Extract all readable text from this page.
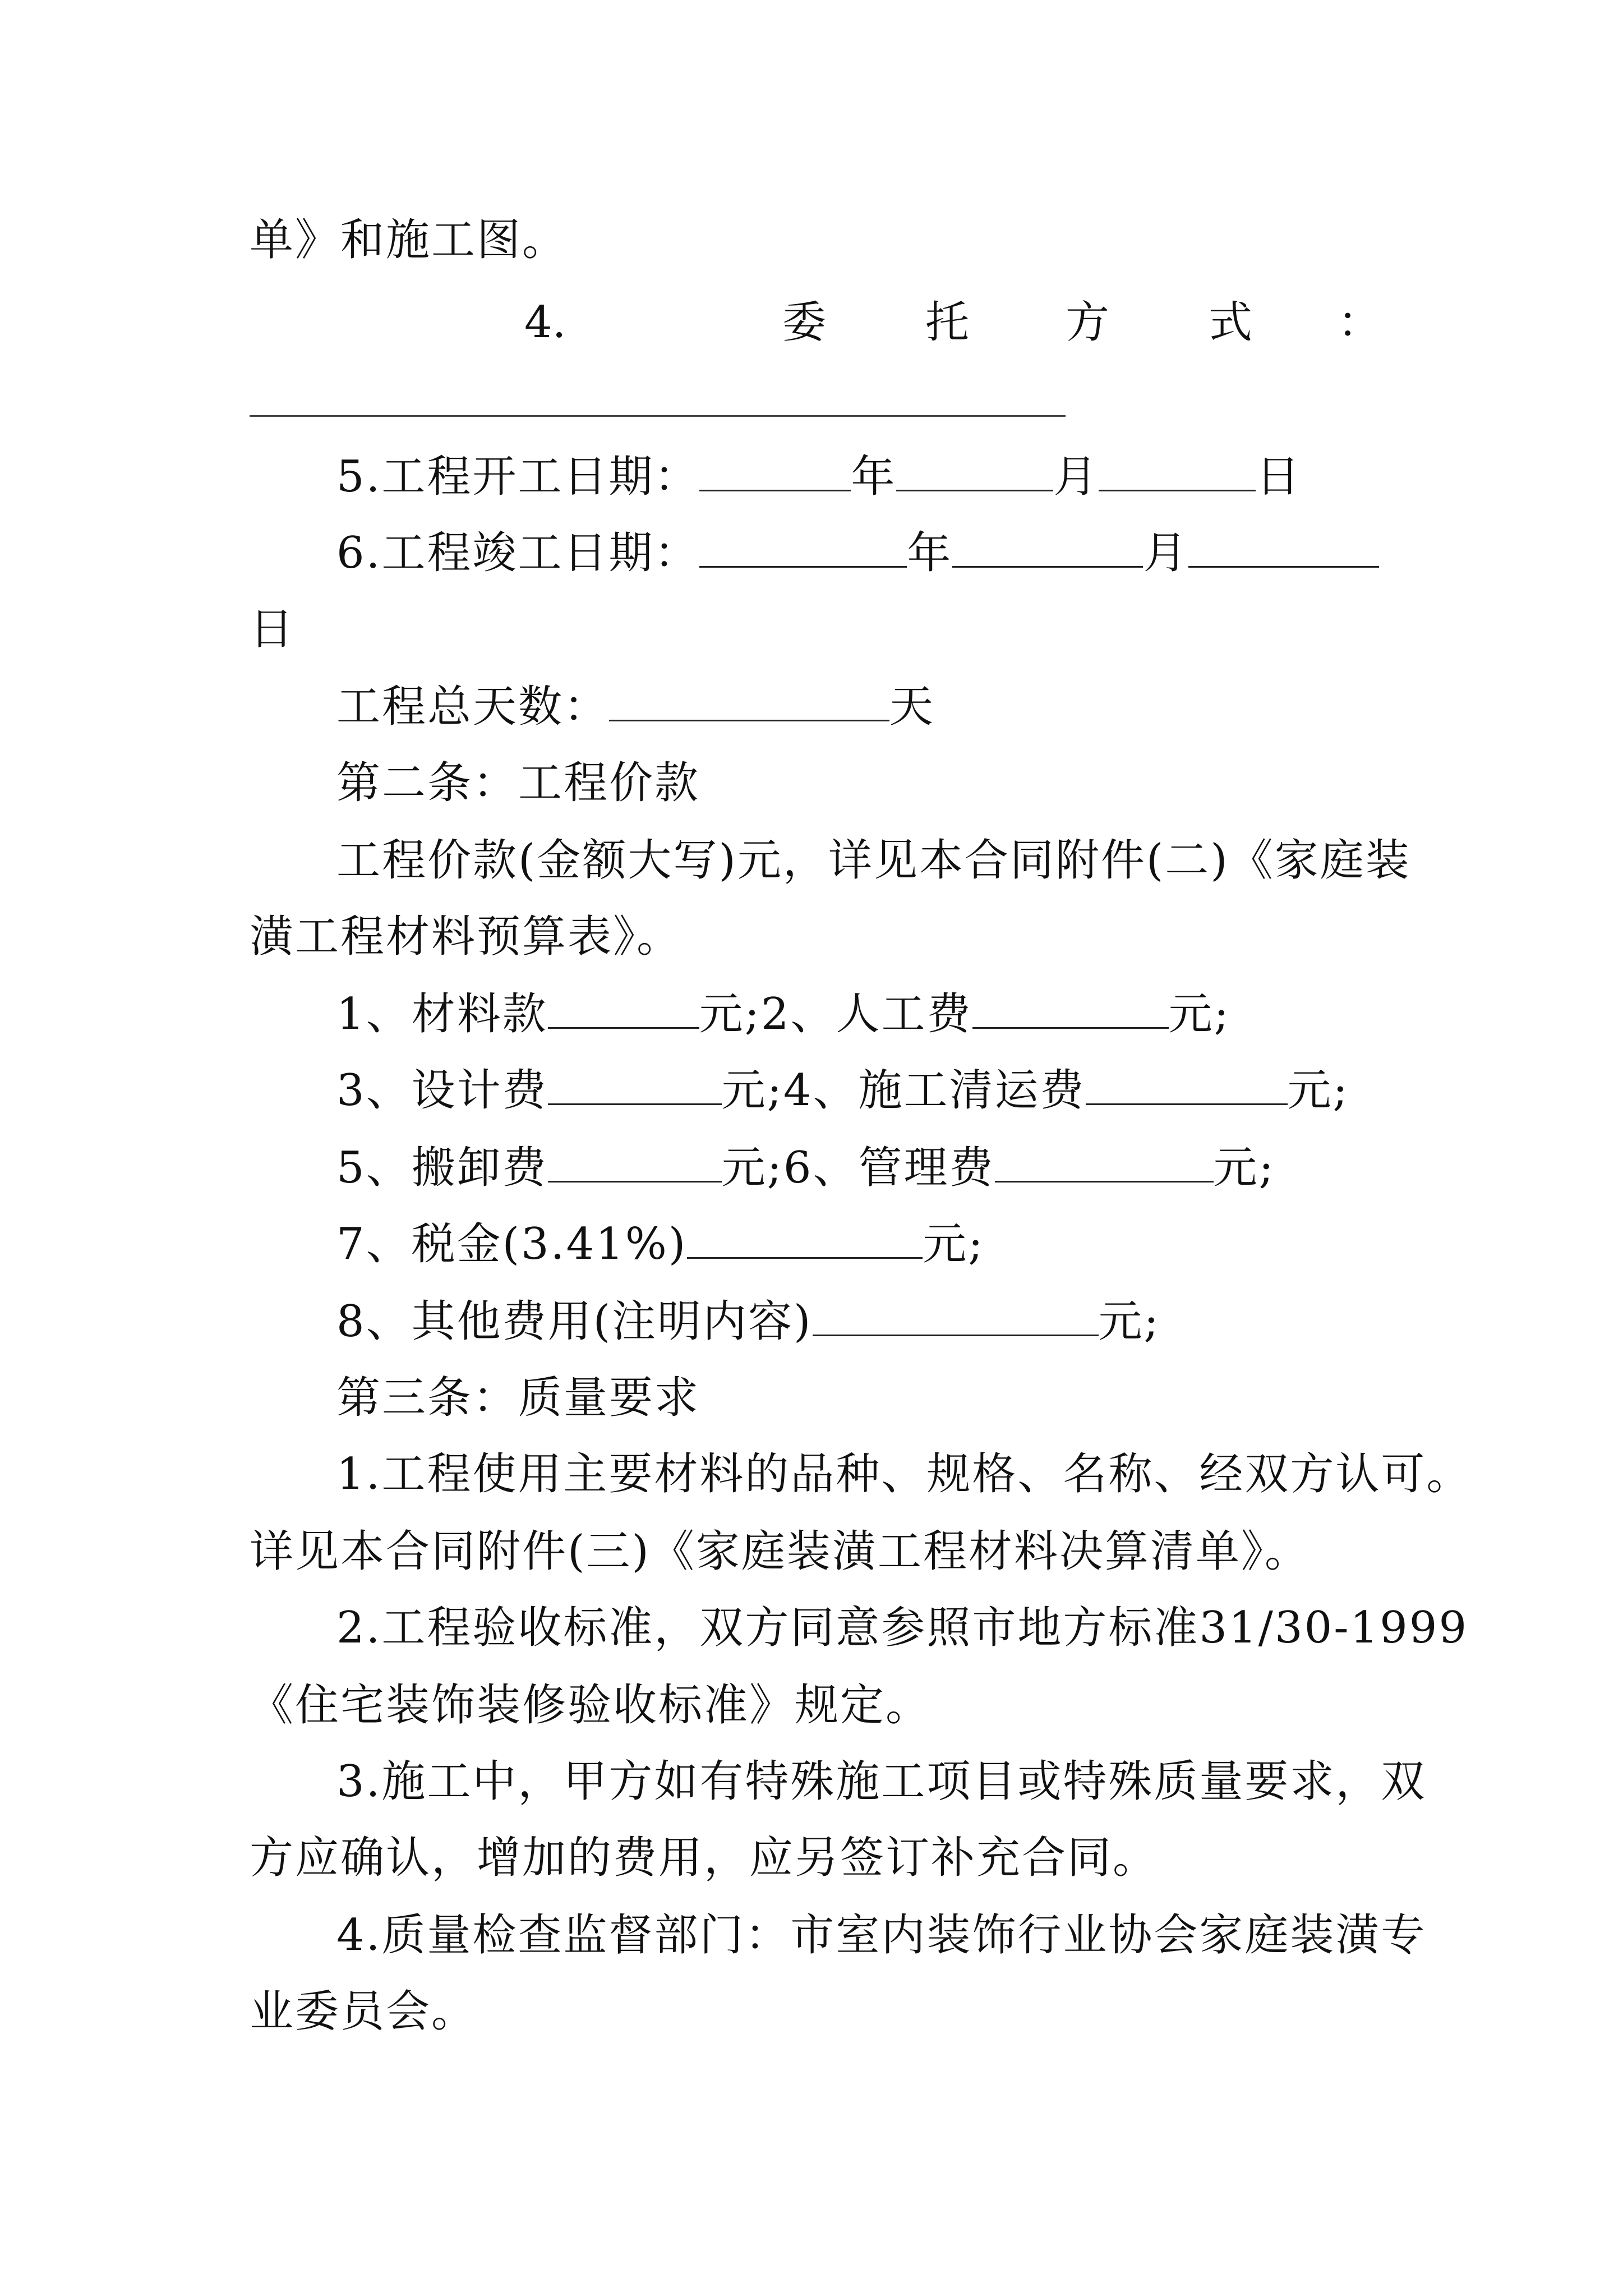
单》和施工图。
4.	委 托 方 式 ：
5.工程开工日期：	年	月	日
6.工程竣工日期：	年	月
日
工程总天数：	天
第二条：工程价款
工程价款(金额大写)元，详见本合同附件(二)《家庭装
潢工程材料预算表》。
1、材料款	元;2、人工费	元;
3、设计费	元;4、施工清运费	元;
5、搬卸费	元;6、管理费	元;
7、税金(3.41%)	元;
8、其他费用(注明内容)	元;
第三条：质量要求
1.工程使用主要材料的品种、规格、名称、经双方认可。
详见本合同附件(三)《家庭装潢工程材料决算清单》。
2.工程验收标准，双方同意参照市地方标准31/30-1999
《住宅装饰装修验收标准》规定。
3.施工中，甲方如有特殊施工项目或特殊质量要求，双
方应确认，增加的费用，应另签订补充合同。
4.质量检查监督部门：市室内装饰行业协会家庭装潢专
业委员会。
